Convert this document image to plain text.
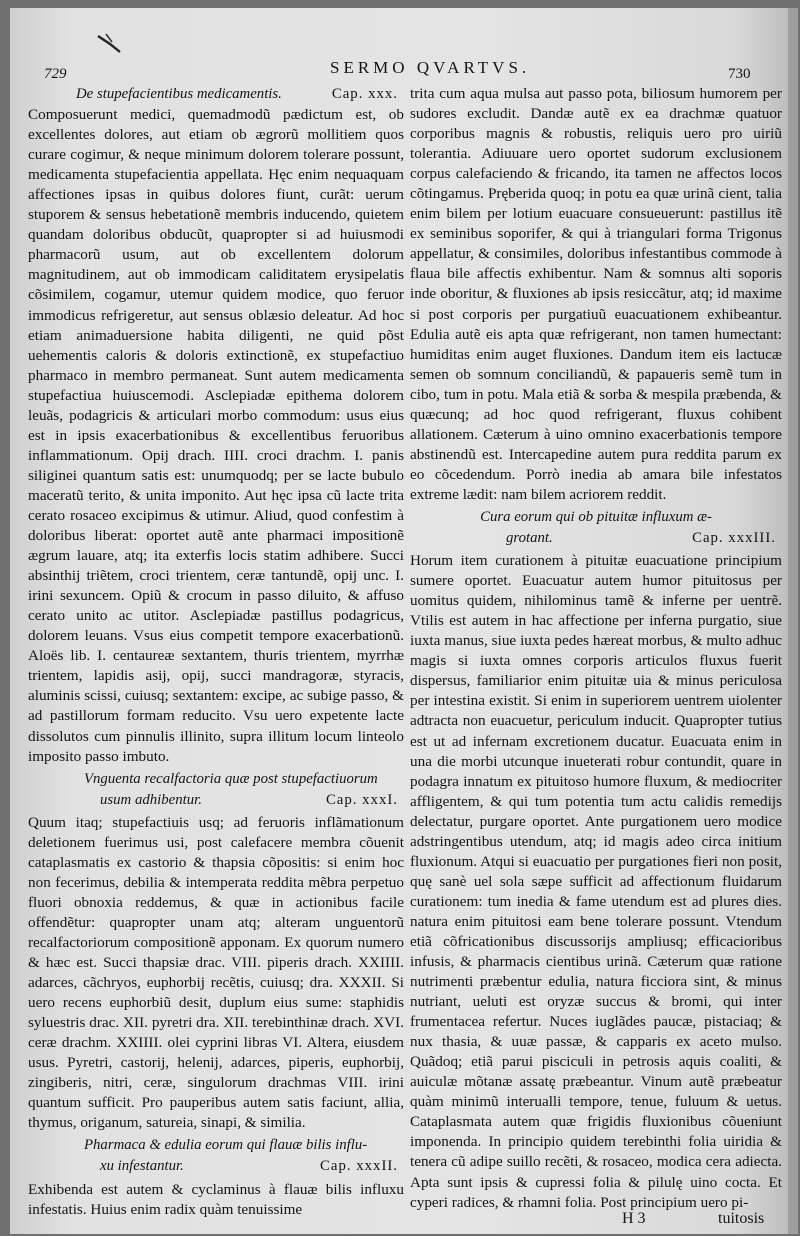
729	SERMO QVARTVS.	730
De stupefacientibus medicamentis.	Cap. xxx.

Composuerunt medici, quemadmodũ pædictum est, ob excellentes dolores, aut etiam ob ægrorũ mollitiem quos curare cogimur, & neque minimum dolorem tolerare possunt, medicamenta stupefacientia appellata. Hęc enim nequaquam affectiones ipsas in quibus dolores fiunt, curãt: uerum stuporem & sensus hebetationẽ membris inducendo, quietem quandam doloribus obducũt, quapropter si ad huiusmodi pharmacorũ usum, aut ob excellentem dolorum magnitudinem, aut ob immodicam caliditatem erysipelatis cõsimilem, cogamur, utemur quidem modice, quo feruor immodicus refrigeretur, aut sensus oblæsio deleatur. Ad hoc etiam animaduersione habita diligenti, ne quid põst uehementis caloris & doloris extinctionẽ, ex stupefactiuo pharmaco in membro permaneat. Sunt autem medicamenta stupefactiua huiuscemodi. Asclepiadæ epithema dolorem leuãs, podagricis & articulari morbo commodum: usus eius est in ipsis exacerbationibus & excellentibus feruoribus inflammationum. Opij drach. IIII. croci drachm. I. panis siliginei quantum satis est: unumquodq; per se lacte bubulo maceratũ terito, & unita imponito. Aut hęc ipsa cũ lacte trita cerato rosaceo excipimus & utimur. Aliud, quod confestim à doloribus liberat: oportet autẽ ante pharmaci impositionẽ ægrum lauare, atq; ita exterfis locis statim adhibere. Succi absinthij triẽtem, croci trientem, ceræ tantundẽ, opij unc. I. irini sexuncem. Opiũ & crocum in passo diluito, & affuso cerato unito ac utitor. Asclepiadæ pastillus podagricus, dolorem leuans. Vsus eius competit tempore exacerbationũ. Aloës lib. I. centaureæ sextantem, thuris trientem, myrrhæ trientem, lapidis asij, opij, succi mandragoræ, styracis, aluminis scissi, cuiusq; sextantem: excipe, ac subige passo, & ad pastillorum formam reducito. Vsu uero expetente lacte dissolutos cum pinnulis illinito, supra illitum locum linteolo imposito passo imbuto.

Vnguenta recalfactoria quæ post stupefactiuorum
usum adhibentur.	Cap. xxxI.

Quum itaq; stupefactiuis usq; ad feruoris inflãmationum deletionem fuerimus usi, post calefacere membra cõuenit cataplasmatis ex castorio & thapsia cõpositis: si enim hoc non fecerimus, debilia & intemperata reddita mẽbra perpetuo fluori obnoxia reddemus, & quæ in actionibus facile offendẽtur: quapropter unam atq; alteram unguentorũ recalfactoriorum compositionẽ apponam. Ex quorum numero & hæc est. Succi thapsiæ drac. VIII. piperis drach. XXIIII. adarces, cãchryos, euphorbij recẽtis, cuiusq; dra. XXXII. Si uero recens euphorbiũ desit, duplum eius sume: staphidis syluestris drac. XII. pyretri dra. XII. terebinthinæ drach. XVI. ceræ drachm. XXIIII. olei cyprini libras VI. Altera, eiusdem usus. Pyretri, castorij, helenij, adarces, piperis, euphorbij, zingiberis, nitri, ceræ, singulorum drachmas VIII. irini quantum sufficit. Pro pauperibus autem satis faciunt, allia, thymus, origanum, satureia, sinapi, & similia.

Pharmaca & edulia eorum qui flauæ bilis influ-
xu infestantur.	Cap. xxxII.

Exhibenda est autem & cyclaminus à flauæ bilis influxu infestatis. Huius enim radix quàm tenuissime

trita cum aqua mulsa aut passo pota, biliosum humorem per sudores excludit. Dandæ autẽ ex ea drachmæ quatuor corporibus magnis & robustis, reliquis uero pro uiriũ tolerantia. Adiuuare uero oportet sudorum exclusionem corpus calefaciendo & fricando, ita tamen ne affectos locos cõtingamus. Pręberida quoq; in potu ea quæ urinã cient, talia enim bilem per lotium euacuare consueuerunt: pastillus itẽ ex seminibus soporifer, & qui à triangulari forma Trigonus appellatur, & consimiles, doloribus infestantibus commode à flaua bile affectis exhibentur. Nam & somnus alti soporis inde oboritur, & fluxiones ab ipsis resiccãtur, atq; id maxime si post corporis per purgatiuũ euacuationem exhibeantur. Edulia autẽ eis apta quæ refrigerant, non tamen humectant: humiditas enim auget fluxiones. Dandum item eis lactucæ semen ob somnum conciliandũ, & papaueris semẽ tum in cibo, tum in potu. Mala etiã & sorba & mespila præbenda, & quæcunq; ad hoc quod refrigerant, fluxus cohibent allationem. Cæterum à uino omnino exacerbationis tempore abstinendũ est. Intercapedine autem pura reddita parum ex eo cõcedendum. Porrò inedia ab amara bile infestatos extreme lædit: nam bilem acriorem reddit.

Cura eorum qui ob pituitæ influxum æ-
grotant.	Cap. xxxIII.

Horum item curationem à pituitæ euacuatione principium sumere oportet. Euacuatur autem humor pituitosus per uomitus quidem, nihilominus tamẽ & inferne per uentrẽ. Vtilis est autem in hac affectione per inferna purgatio, siue iuxta manus, siue iuxta pedes hæreat morbus, & multo adhuc magis si iuxta omnes corporis articulos fluxus fuerit dispersus, familiarior enim pituitæ uia & minus periculosa per intestina existit. Si enim in superiorem uentrem uiolenter adtracta non euacuetur, periculum inducit. Quapropter tutius est ut ad infernam excretionem ducatur. Euacuata enim in una die morbi utcunque inueterati robur contundit, quare in podagra innatum ex pituitoso humore fluxum, & mediocriter affligentem, & qui tum potentia tum actu calidis remedijs delectatur, purgare oportet. Ante purgationem uero modice adstringentibus utendum, atq; id magis adeo circa initium fluxionum. Atqui si euacuatio per purgationes fieri non posit, quę sanè uel sola sæpe sufficit ad affectionum fluidarum curationem: tum inedia & fame utendum est ad plures dies. natura enim pituitosi eam bene tolerare possunt. Vtendum etiã cõfricationibus discussorijs ampliusq; efficacioribus infusis, & pharmacis cientibus urinã. Cæterum quæ ratione nutrimenti præbentur edulia, natura ficciora sint, & minus nutriant, ueluti est oryzæ succus & bromi, qui inter frumentacea refertur. Nuces iuglãdes paucæ, pistaciaq; & nux thasia, & uuæ passæ, & capparis ex aceto mulso. Quãdoq; etiã parui pisciculi in petrosis aquis coaliti, & auiculæ mõtanæ assatę præbeantur. Vinum autẽ præbeatur quàm minimũ interualli tempore, tenue, fuluum & uetus. Cataplasmata autem quæ frigidis fluxionibus cõueniunt imponenda. In principio quidem terebinthi folia uiridia & tenera cũ adipe suillo recẽti, & rosaceo, modica cera adiecta. Apta sunt ipsis & cupressi folia & pilulę uino cocta. Et cyperi radices, & rhamni folia. Post principium uero pi-

H 3	tuitosis
